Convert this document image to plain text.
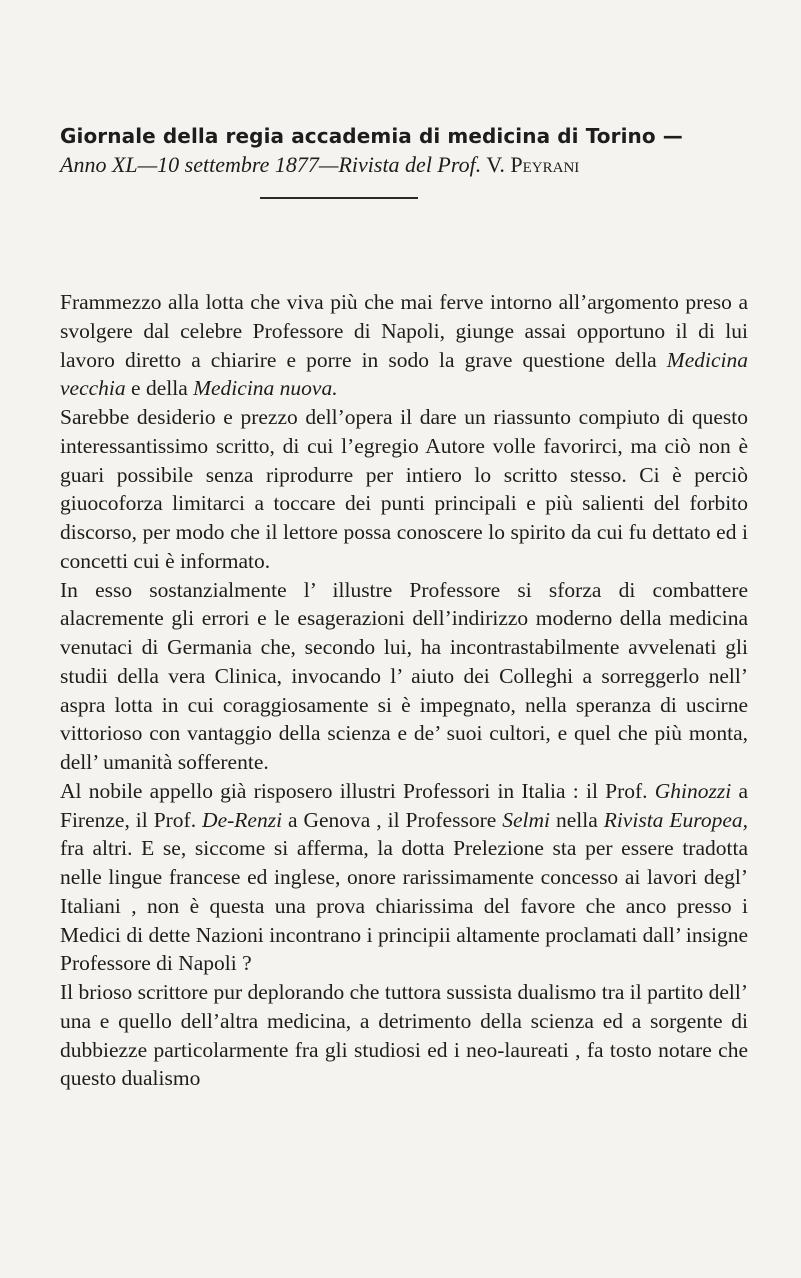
Giornale della regia accademia di medicina di Torino —
Anno XL—10 settembre 1877—Rivista del Prof. V. Peyrani

Frammezzo alla lotta che viva più che mai ferve intorno all’argomento preso a svolgere dal celebre Professore di Napoli, giunge assai opportuno il di lui lavoro diretto a chiarire e porre in sodo la grave questione della Medicina vecchia e della Medicina nuova.

Sarebbe desiderio e prezzo dell’opera il dare un riassunto compiuto di questo interessantissimo scritto, di cui l’egregio Autore volle favorirci, ma ciò non è guari possibile senza riprodurre per intiero lo scritto stesso. Ci è perciò giuocoforza limitarci a toccare dei punti principali e più salienti del forbito discorso, per modo che il lettore possa conoscere lo spirito da cui fu dettato ed i concetti cui è informato.

In esso sostanzialmente l’ illustre Professore si sforza di combattere alacremente gli errori e le esagerazioni dell’indirizzo moderno della medicina venutaci di Germania che, secondo lui, ha incontrastabilmente avvelenati gli studii della vera Clinica, invocando l’ aiuto dei Colleghi a sorreggerlo nell’ aspra lotta in cui coraggiosamente si è impegnato, nella speranza di uscirne vittorioso con vantaggio della scienza e de’ suoi cultori, e quel che più monta, dell’ umanità sofferente.

Al nobile appello già risposero illustri Professori in Italia : il Prof. Ghinozzi a Firenze, il Prof. De-Renzi a Genova , il Professore Selmi nella Rivista Europea, fra altri. E se, siccome si afferma, la dotta Prelezione sta per essere tradotta nelle lingue francese ed inglese, onore rarissimamente concesso ai lavori degl’ Italiani , non è questa una prova chiarissima del favore che anco presso i Medici di dette Nazioni incontrano i principii altamente proclamati dall’ insigne Professore di Napoli ?

Il brioso scrittore pur deplorando che tuttora sussista dualismo tra il partito dell’ una e quello dell’altra medicina, a detrimento della scienza ed a sorgente di dubbiezze particolarmente fra gli studiosi ed i neo-laureati , fa tosto notare che questo dualismo
